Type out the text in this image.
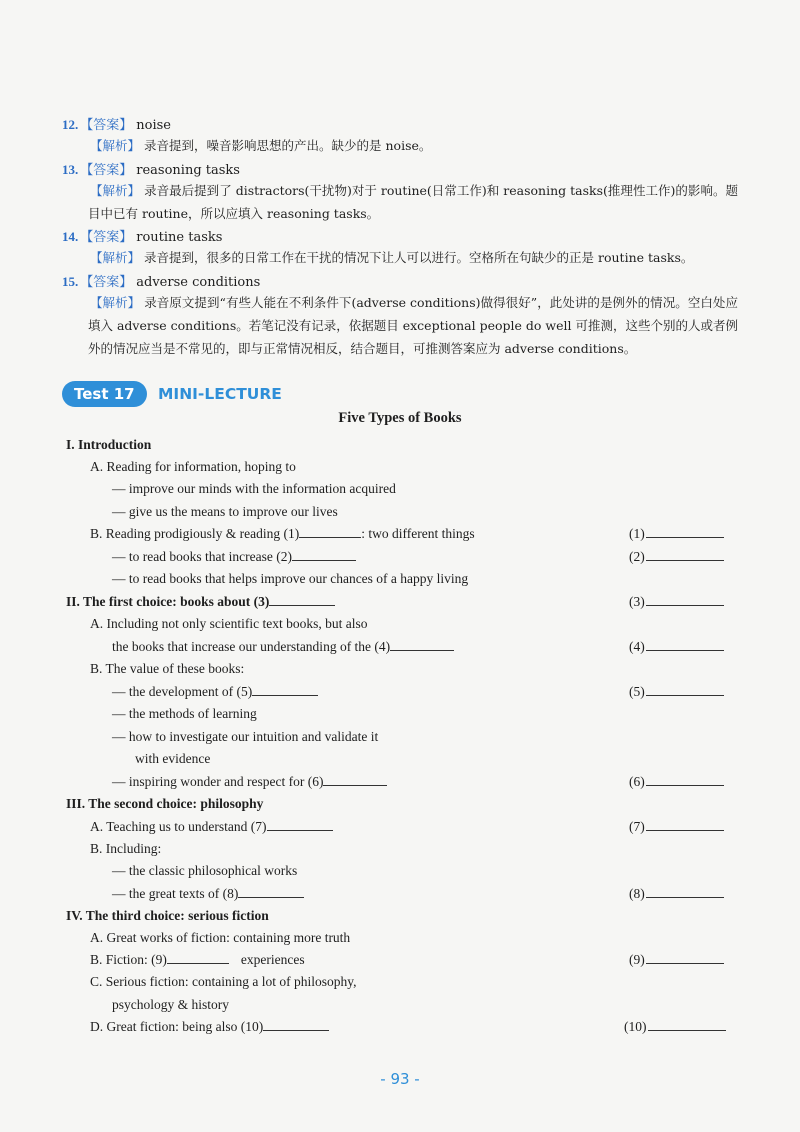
12. 【答案】 noise
【解析】 录音提到，噪音影响思想的产出。缺少的是 noise。
13. 【答案】 reasoning tasks
【解析】 录音最后提到了 distractors(干扰物)对于 routine(日常工作)和 reasoning tasks(推理性工作)的影响。题目中已有 routine，所以应填入 reasoning tasks。
14. 【答案】 routine tasks
【解析】 录音提到，很多的日常工作在干扰的情况下让人可以进行。空格所在句缺少的正是 routine tasks。
15. 【答案】 adverse conditions
【解析】 录音原文提到“有些人能在不利条件下(adverse conditions)做得很好”，此处讲的是例外的情况。空白处应填入 adverse conditions。若笔记没有记录，依据题目 exceptional people do well 可推测，这些个别的人或者例外的情况应当是不常见的，即与正常情况相反，结合题目，可推测答案应为 adverse conditions。
Test 17	MINI-LECTURE
Five Types of Books
I. Introduction
A. Reading for information, hoping to
— improve our minds with the information acquired
— give us the means to improve our lives
B. Reading prodigiously & reading (1)	: two different things	(1)
— to read books that increase (2)	(2)
— to read books that helps improve our chances of a happy living
II. The first choice: books about (3)	(3)
A. Including not only scientific text books, but also
the books that increase our understanding of the (4)	(4)
B. The value of these books:
— the development of (5)	(5)
— the methods of learning
— how to investigate our intuition and validate it
with evidence
— inspiring wonder and respect for (6)	(6)
III. The second choice: philosophy
A. Teaching us to understand (7)	(7)
B. Including:
— the classic philosophical works
— the great texts of (8)	(8)
IV. The third choice: serious fiction
A. Great works of fiction: containing more truth
B. Fiction: (9)	experiences	(9)
C. Serious fiction: containing a lot of philosophy,
psychology & history
D. Great fiction: being also (10)	(10)
- 93 -
